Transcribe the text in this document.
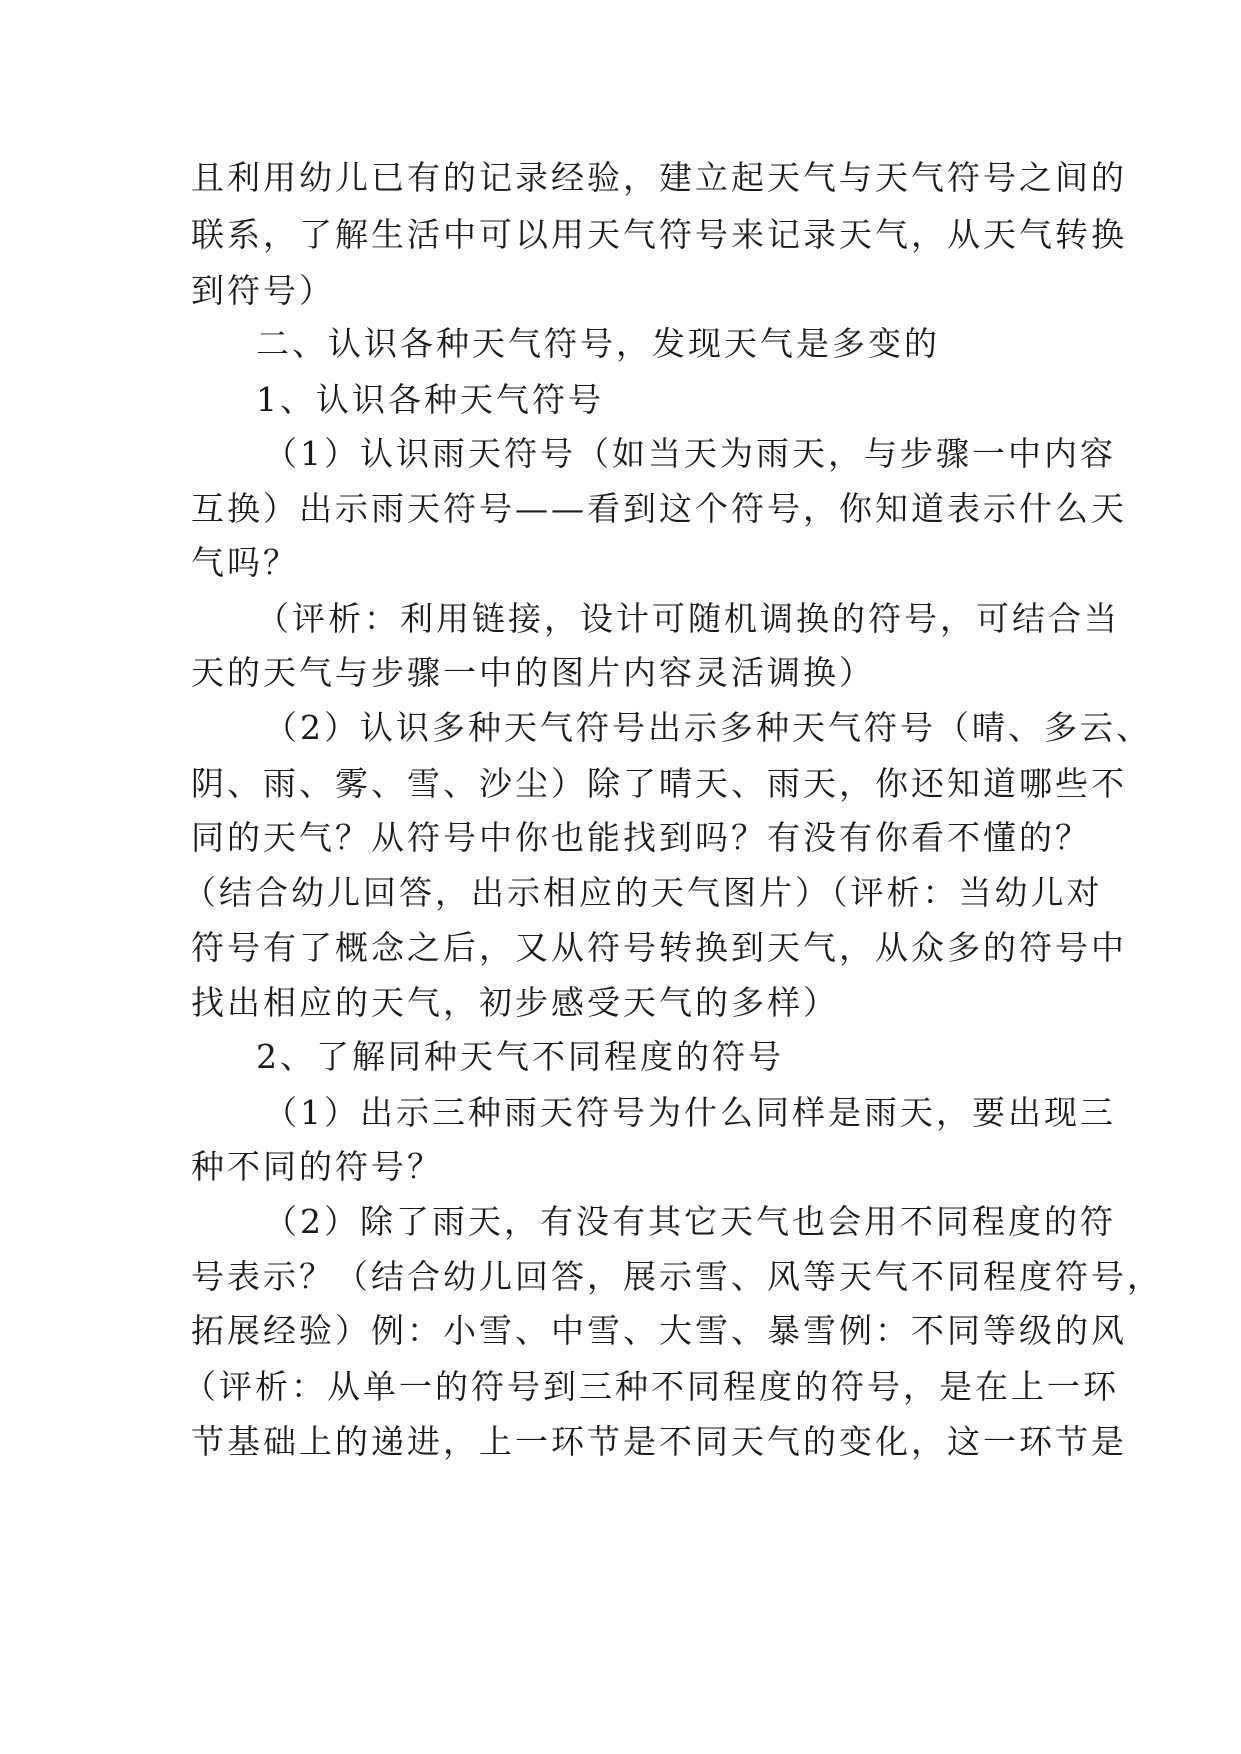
且利用幼儿已有的记录经验，建立起天气与天气符号之间的
联系，了解生活中可以用天气符号来记录天气，从天气转换
到符号）
二、认识各种天气符号，发现天气是多变的
1、认识各种天气符号
（1）认识雨天符号（如当天为雨天，与步骤一中内容
互换）出示雨天符号——看到这个符号，你知道表示什么天
气吗？
（评析：利用链接，设计可随机调换的符号，可结合当
天的天气与步骤一中的图片内容灵活调换）
（2）认识多种天气符号出示多种天气符号（晴、多云、
阴、雨、雾、雪、沙尘）除了晴天、雨天，你还知道哪些不
同的天气？从符号中你也能找到吗？有没有你看不懂的？
（结合幼儿回答，出示相应的天气图片）（评析：当幼儿对
符号有了概念之后，又从符号转换到天气，从众多的符号中
找出相应的天气，初步感受天气的多样）
2、了解同种天气不同程度的符号
（1）出示三种雨天符号为什么同样是雨天，要出现三
种不同的符号？
（2）除了雨天，有没有其它天气也会用不同程度的符
号表示？（结合幼儿回答，展示雪、风等天气不同程度符号，
拓展经验）例：小雪、中雪、大雪、暴雪例：不同等级的风
（评析：从单一的符号到三种不同程度的符号，是在上一环
节基础上的递进，上一环节是不同天气的变化，这一环节是
